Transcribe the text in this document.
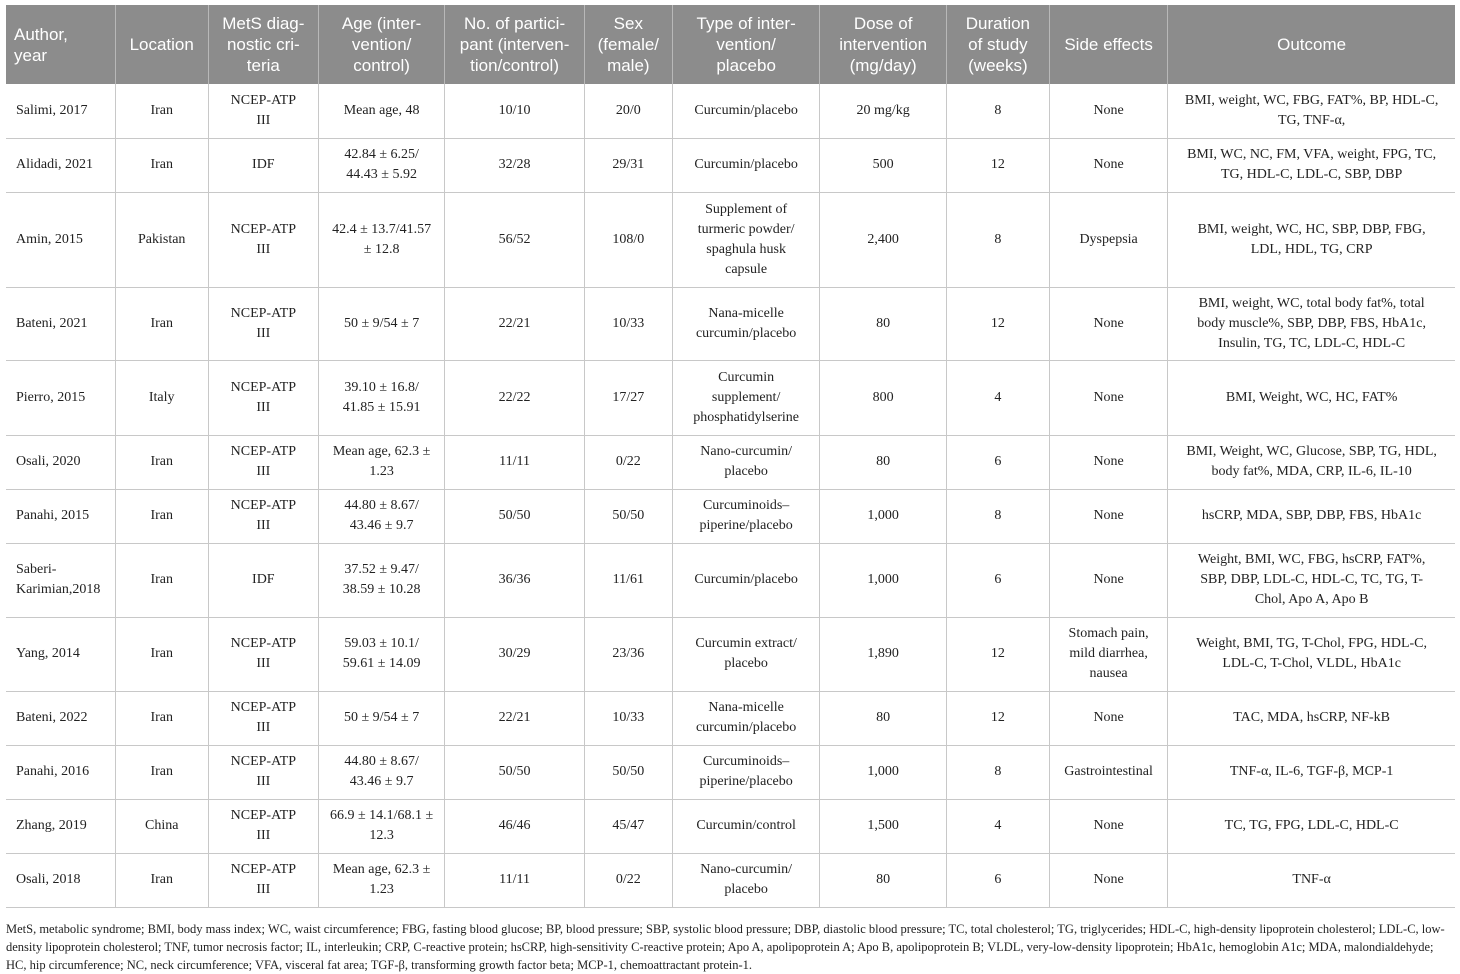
Author,
year	Location	MetS diag-
nostic cri-
teria	Age (inter-
vention/
control)	No. of partici-
pant (interven-
tion/control)	Sex
(female/
male)	Type of inter-
vention/
placebo	Dose of
intervention
(mg/day)	Duration
of study
(weeks)	Side effects	Outcome
Salimi, 2017	Iran	NCEP-ATP
III	Mean age, 48	10/10	20/0	Curcumin/placebo	20 mg/kg	8	None	BMI, weight, WC, FBG, FAT%, BP, HDL-C,
TG, TNF-α,
Alidadi, 2021	Iran	IDF	42.84 ± 6.25/
44.43 ± 5.92	32/28	29/31	Curcumin/placebo	500	12	None	BMI, WC, NC, FM, VFA, weight, FPG, TC,
TG, HDL-C, LDL-C, SBP, DBP
Amin, 2015	Pakistan	NCEP-ATP
III	42.4 ± 13.7/41.57
± 12.8	56/52	108/0	Supplement of
turmeric powder/
spaghula husk
capsule	2,400	8	Dyspepsia	BMI, weight, WC, HC, SBP, DBP, FBG,
LDL, HDL, TG, CRP
Bateni, 2021	Iran	NCEP-ATP
III	50 ± 9/54 ± 7	22/21	10/33	Nana-micelle
curcumin/placebo	80	12	None	BMI, weight, WC, total body fat%, total
body muscle%, SBP, DBP, FBS, HbA1c,
Insulin, TG, TC, LDL-C, HDL-C
Pierro, 2015	Italy	NCEP-ATP
III	39.10 ± 16.8/
41.85 ± 15.91	22/22	17/27	Curcumin
supplement/
phosphatidylserine	800	4	None	BMI, Weight, WC, HC, FAT%
Osali, 2020	Iran	NCEP-ATP
III	Mean age, 62.3 ±
1.23	11/11	0/22	Nano-curcumin/
placebo	80	6	None	BMI, Weight, WC, Glucose, SBP, TG, HDL,
body fat%, MDA, CRP, IL-6, IL-10
Panahi, 2015	Iran	NCEP-ATP
III	44.80 ± 8.67/
43.46 ± 9.7	50/50	50/50	Curcuminoids–
piperine/placebo	1,000	8	None	hsCRP, MDA, SBP, DBP, FBS, HbA1c
Saberi-
Karimian,2018	Iran	IDF	37.52 ± 9.47/
38.59 ± 10.28	36/36	11/61	Curcumin/placebo	1,000	6	None	Weight, BMI, WC, FBG, hsCRP, FAT%,
SBP, DBP, LDL-C, HDL-C, TC, TG, T-
Chol, Apo A, Apo B
Yang, 2014	Iran	NCEP-ATP
III	59.03 ± 10.1/
59.61 ± 14.09	30/29	23/36	Curcumin extract/
placebo	1,890	12	Stomach pain,
mild diarrhea,
nausea	Weight, BMI, TG, T-Chol, FPG, HDL-C,
LDL-C, T-Chol, VLDL, HbA1c
Bateni, 2022	Iran	NCEP-ATP
III	50 ± 9/54 ± 7	22/21	10/33	Nana-micelle
curcumin/placebo	80	12	None	TAC, MDA, hsCRP, NF-kB
Panahi, 2016	Iran	NCEP-ATP
III	44.80 ± 8.67/
43.46 ± 9.7	50/50	50/50	Curcuminoids–
piperine/placebo	1,000	8	Gastrointestinal	TNF-α, IL-6, TGF-β, MCP-1
Zhang, 2019	China	NCEP-ATP
III	66.9 ± 14.1/68.1 ±
12.3	46/46	45/47	Curcumin/control	1,500	4	None	TC, TG, FPG, LDL-C, HDL-C
Osali, 2018	Iran	NCEP-ATP
III	Mean age, 62.3 ±
1.23	11/11	0/22	Nano-curcumin/
placebo	80	6	None	TNF-α
MetS, metabolic syndrome; BMI, body mass index; WC, waist circumference; FBG, fasting blood glucose; BP, blood pressure; SBP, systolic blood pressure; DBP, diastolic blood pressure; TC, total cholesterol; TG, triglycerides; HDL-C, high-density lipoprotein cholesterol; LDL-C, low-density lipoprotein cholesterol; TNF, tumor necrosis factor; IL, interleukin; CRP, C-reactive protein; hsCRP, high-sensitivity C-reactive protein; Apo A, apolipoprotein A; Apo B, apolipoprotein B; VLDL, very-low-density lipoprotein; HbA1c, hemoglobin A1c; MDA, malondialdehyde; HC, hip circumference; NC, neck circumference; VFA, visceral fat area; TGF-β, transforming growth factor beta; MCP-1, chemoattractant protein-1.
